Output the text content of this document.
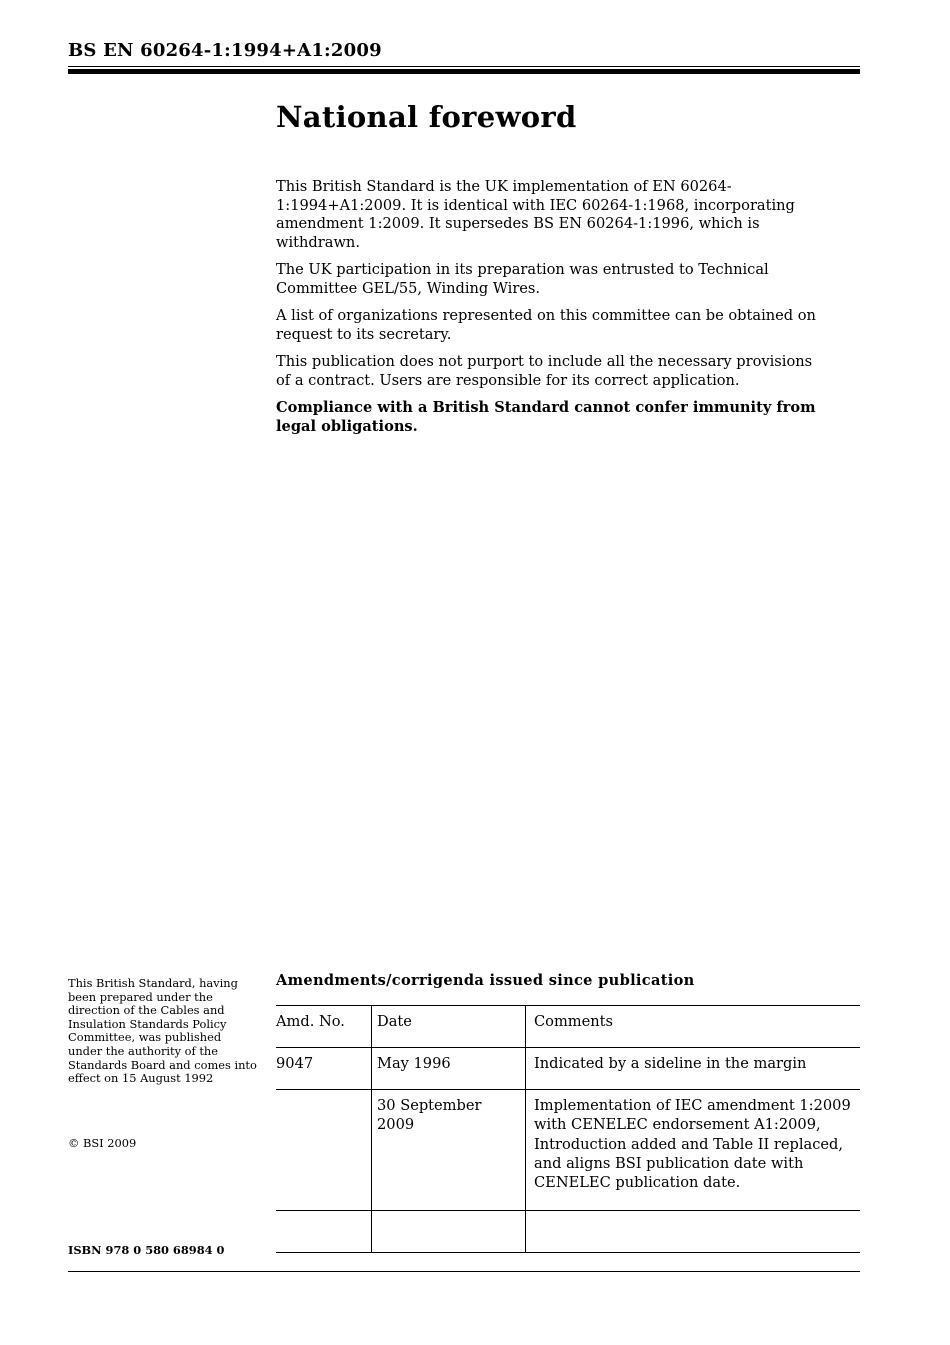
BS EN 60264-1:1994+A1:2009
National foreword

This British Standard is the UK implementation of EN 60264-1:1994+A1:2009. It is identical with IEC 60264-1:1968, incorporating amendment 1:2009. It supersedes BS EN 60264-1:1996, which is withdrawn.

The UK participation in its preparation was entrusted to Technical Committee GEL/55, Winding Wires.

A list of organizations represented on this committee can be obtained on request to its secretary.

This publication does not purport to include all the necessary provisions of a contract. Users are responsible for its correct application.

Compliance with a British Standard cannot confer immunity from legal obligations.

This British Standard, having been prepared under the direction of the Cables and Insulation Standards Policy Committee, was published under the authority of the Standards Board and comes into effect on 15 August 1992
© BSI 2009
ISBN 978 0 580 68984 0
Amendments/corrigenda issued since publication
Amd. No.	Date	Comments
9047	May 1996	Indicated by a sideline in the margin
	30 September 2009	Implementation of IEC amendment 1:2009 with CENELEC endorsement A1:2009, Introduction added and Table II replaced, and aligns BSI publication date with CENELEC publication date.
